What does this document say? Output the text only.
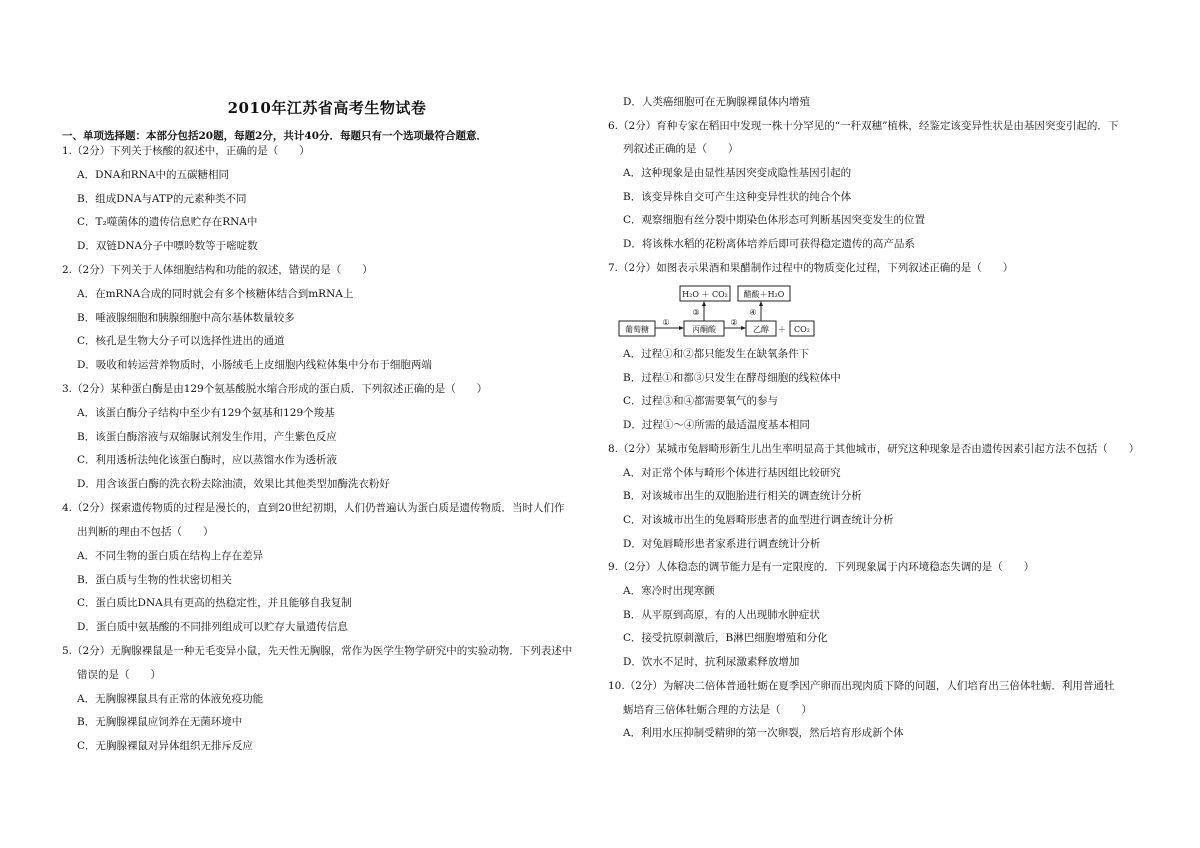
2010年江苏省高考生物试卷
一、单项选择题：本部分包括20题，每题2分，共计40分．每题只有一个选项最符合题意．
1.（2分）下列关于核酸的叙述中，正确的是（　　）
A．DNA和RNA中的五碳糖相同
B．组成DNA与ATP的元素种类不同
C．T₂噬菌体的遗传信息贮存在RNA中
D．双链DNA分子中嘌呤数等于嘧啶数
2.（2分）下列关于人体细胞结构和功能的叙述，错误的是（　　）
A．在mRNA合成的同时就会有多个核糖体结合到mRNA上
B．唾液腺细胞和胰腺细胞中高尔基体数量较多
C．核孔是生物大分子可以选择性进出的通道
D．吸收和转运营养物质时，小肠绒毛上皮细胞内线粒体集中分布于细胞两端
3.（2分）某种蛋白酶是由129个氨基酸脱水缩合形成的蛋白质．下列叙述正确的是（　　）
A．该蛋白酶分子结构中至少有129个氨基和129个羧基
B．该蛋白酶溶液与双缩脲试剂发生作用，产生紫色反应
C．利用透析法纯化该蛋白酶时，应以蒸馏水作为透析液
D．用含该蛋白酶的洗衣粉去除油渍，效果比其他类型加酶洗衣粉好
4.（2分）探索遗传物质的过程是漫长的，直到20世纪初期，人们仍普遍认为蛋白质是遗传物质．当时人们作
出判断的理由不包括（　　）
A．不同生物的蛋白质在结构上存在差异
B．蛋白质与生物的性状密切相关
C．蛋白质比DNA具有更高的热稳定性，并且能够自我复制
D．蛋白质中氨基酸的不同排列组成可以贮存大量遗传信息
5.（2分）无胸腺裸鼠是一种无毛变异小鼠，先天性无胸腺，常作为医学生物学研究中的实验动物．下列表述中
错误的是（　　）
A．无胸腺裸鼠具有正常的体液免疫功能
B．无胸腺裸鼠应饲养在无菌环境中
C．无胸腺裸鼠对异体组织无排斥反应
D．人类癌细胞可在无胸腺裸鼠体内增殖
6.（2分）育种专家在稻田中发现一株十分罕见的“一秆双穗”植株，经鉴定该变异性状是由基因突变引起的．下
列叙述正确的是（　　）
A．这种现象是由显性基因突变成隐性基因引起的
B．该变异株自交可产生这种变异性状的纯合个体
C．观察细胞有丝分裂中期染色体形态可判断基因突变发生的位置
D．将该株水稻的花粉离体培养后即可获得稳定遗传的高产品系
7.（2分）如图表示果酒和果醋制作过程中的物质变化过程，下列叙述正确的是（　　）
A．过程①和②都只能发生在缺氧条件下
B．过程①和都③只发生在酵母细胞的线粒体中
C．过程③和④都需要氧气的参与
D．过程①～④所需的最适温度基本相同
8.（2分）某城市兔唇畸形新生儿出生率明显高于其他城市，研究这种现象是否由遗传因素引起方法不包括（　　）
A．对正常个体与畸形个体进行基因组比较研究
B．对该城市出生的双胞胎进行相关的调查统计分析
C．对该城市出生的兔唇畸形患者的血型进行调查统计分析
D．对兔唇畸形患者家系进行调查统计分析
9.（2分）人体稳态的调节能力是有一定限度的．下列现象属于内环境稳态失调的是（　　）
A．寒冷时出现寒颤
B．从平原到高原，有的人出现肺水肿症状
C．接受抗原刺激后，B淋巴细胞增殖和分化
D．饮水不足时，抗利尿激素释放增加
10.（2分）为解决二倍体普通牡蛎在夏季因产卵而出现肉质下降的问题，人们培育出三倍体牡蛎．利用普通牡
蛎培育三倍体牡蛎合理的方法是（　　）
A．利用水压抑制受精卵的第一次卵裂，然后培育形成新个体
H₂O ＋ CO₂ 醋酸＋H₂O
葡萄糖	丙酮酸	乙醇 ＋ CO₂
①	②
③	④
